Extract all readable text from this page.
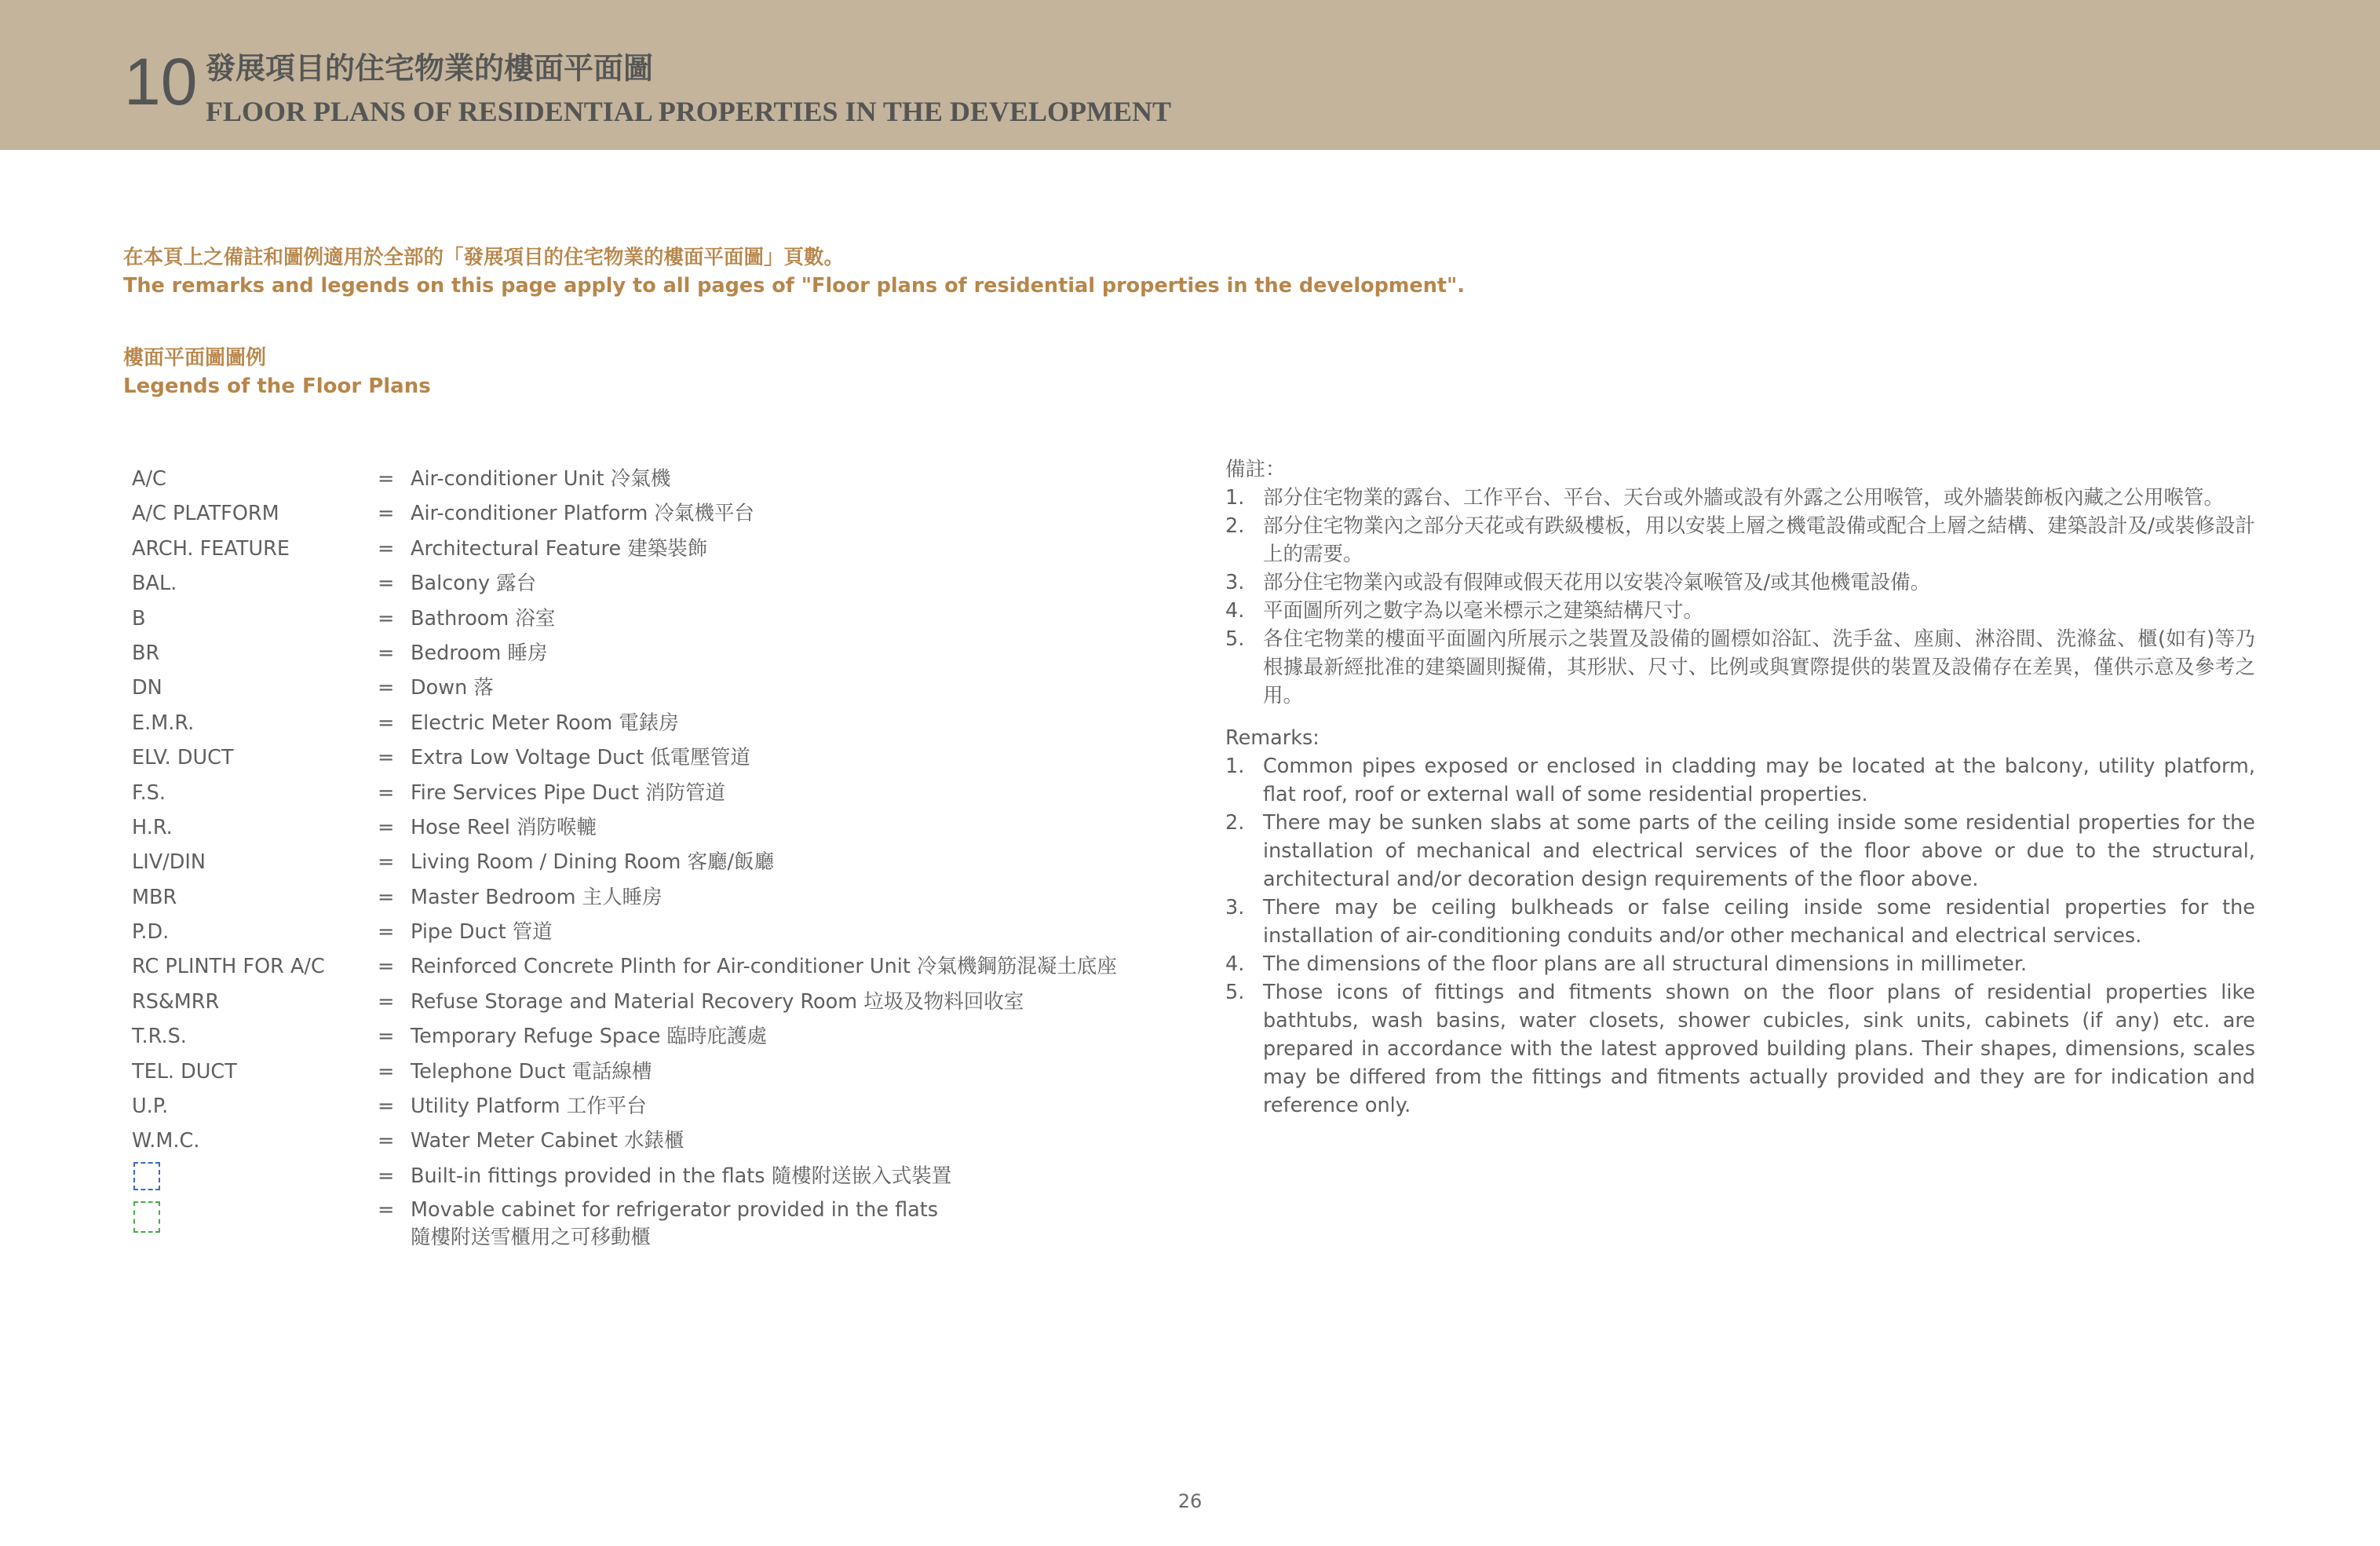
10 發展項目的住宅物業的樓面平面圖
FLOOR PLANS OF RESIDENTIAL PROPERTIES IN THE DEVELOPMENT
在本頁上之備註和圖例適用於全部的「發展項目的住宅物業的樓面平面圖」頁數。
The remarks and legends on this page apply to all pages of "Floor plans of residential properties in the development".
樓面平面圖圖例
Legends of the Floor Plans
A/C	= Air-conditioner Unit 冷氣機
A/C PLATFORM	= Air-conditioner Platform 冷氣機平台
ARCH. FEATURE	= Architectural Feature 建築裝飾
BAL.	= Balcony 露台
B	= Bathroom 浴室
BR	= Bedroom 睡房
DN	= Down 落
E.M.R.	= Electric Meter Room 電錶房
ELV. DUCT	= Extra Low Voltage Duct 低電壓管道
F.S.	= Fire Services Pipe Duct 消防管道
H.R.	= Hose Reel 消防喉轆
LIV/DIN	= Living Room / Dining Room 客廳/飯廳
MBR	= Master Bedroom 主人睡房
P.D.	= Pipe Duct 管道
RC PLINTH FOR A/C	= Reinforced Concrete Plinth for Air-conditioner Unit 冷氣機鋼筋混凝土底座
RS&MRR	= Refuse Storage and Material Recovery Room 垃圾及物料回收室
T.R.S.	= Temporary Refuge Space 臨時庇護處
TEL. DUCT	= Telephone Duct 電話線槽
U.P.	= Utility Platform 工作平台
W.M.C.	= Water Meter Cabinet 水錶櫃
= Built-in fittings provided in the flats 隨樓附送嵌入式裝置
= Movable cabinet for refrigerator provided in the flats
隨樓附送雪櫃用之可移動櫃
備註：
1. 部分住宅物業的露台、工作平台、平台、天台或外牆或設有外露之公用喉管，或外牆裝飾板內藏之公用喉管。
2. 部分住宅物業內之部分天花或有跌級樓板，用以安裝上層之機電設備或配合上層之結構、建築設計及/或裝修設計上的需要。
3. 部分住宅物業內或設有假陣或假天花用以安裝冷氣喉管及/或其他機電設備。
4. 平面圖所列之數字為以毫米標示之建築結構尺寸。
5. 各住宅物業的樓面平面圖內所展示之裝置及設備的圖標如浴缸、洗手盆、座廁、淋浴間、洗滌盆、櫃(如有)等乃根據最新經批准的建築圖則擬備，其形狀、尺寸、比例或與實際提供的裝置及設備存在差異，僅供示意及參考之用。
Remarks:
1. Common pipes exposed or enclosed in cladding may be located at the balcony, utility platform, flat roof, roof or external wall of some residential properties.
2. There may be sunken slabs at some parts of the ceiling inside some residential properties for the installation of mechanical and electrical services of the floor above or due to the structural, architectural and/or decoration design requirements of the floor above.
3. There may be ceiling bulkheads or false ceiling inside some residential properties for the installation of air-conditioning conduits and/or other mechanical and electrical services.
4. The dimensions of the floor plans are all structural dimensions in millimeter.
5. Those icons of fittings and fitments shown on the floor plans of residential properties like bathtubs, wash basins, water closets, shower cubicles, sink units, cabinets (if any) etc. are prepared in accordance with the latest approved building plans. Their shapes, dimensions, scales may be differed from the fittings and fitments actually provided and they are for indication and reference only.
26
